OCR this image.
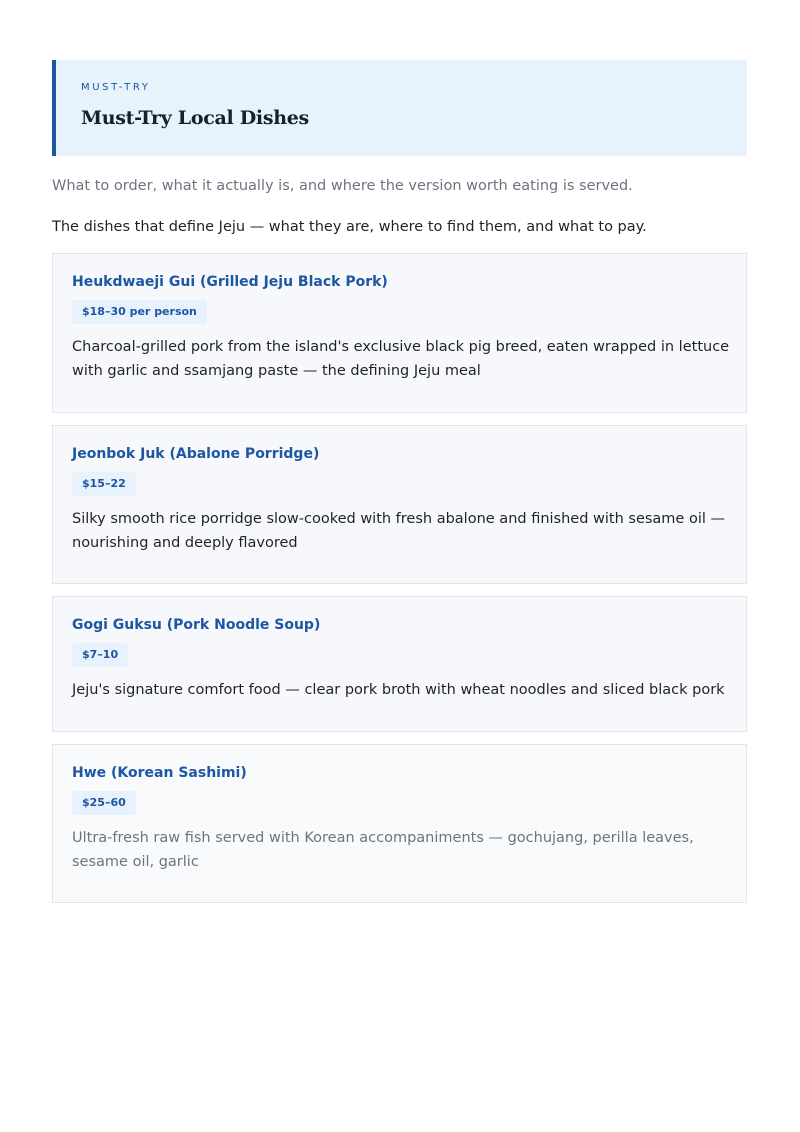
MUST-TRY
Must-Try Local Dishes
What to order, what it actually is, and where the version worth eating is served.
The dishes that define Jeju — what they are, where to find them, and what to pay.
Heukdwaeji Gui (Grilled Jeju Black Pork)
$18–30 per person

Charcoal-grilled pork from the island's exclusive black pig breed, eaten wrapped in lettuce with garlic and ssamjang paste — the defining Jeju meal

Jeonbok Juk (Abalone Porridge)
$15–22

Silky smooth rice porridge slow-cooked with fresh abalone and finished with sesame oil — nourishing and deeply flavored

Gogi Guksu (Pork Noodle Soup)
$7–10

Jeju's signature comfort food — clear pork broth with wheat noodles and sliced black pork

Hwe (Korean Sashimi)
$25–60

Ultra-fresh raw fish served with Korean accompaniments — gochujang, perilla leaves, sesame oil, garlic
